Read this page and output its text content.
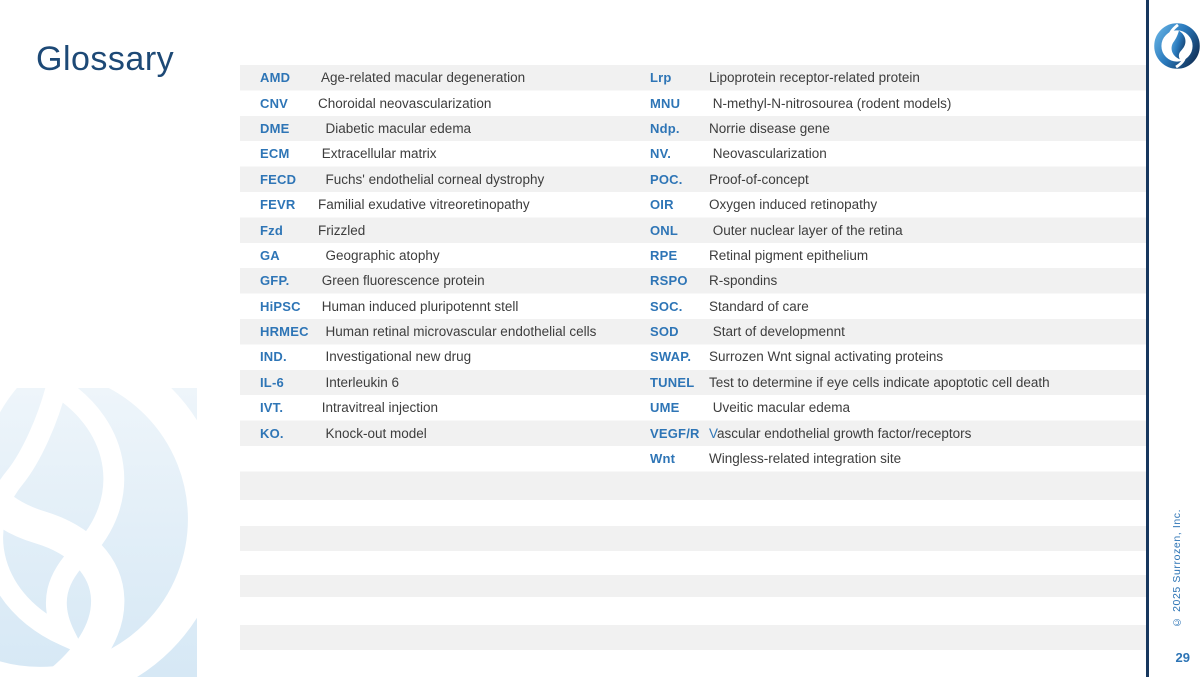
Glossary	AMD	Age-related macular degeneration
CNV	Choroidal neovascularization
DME	Diabetic macular edema
ECM	Extracellular matrix
FECD	Fuchs' endothelial corneal dystrophy
FEVR	Familial exudative vitreoretinopathy
Fzd	Frizzled
GA	Geographic atophy
GFP.	Green fluorescence protein
HiPSC	Human induced pluripotennt stell
HRMEC Human retinal microvascular endothelial cells
IND.	Investigational new drug
IL-6	Interleukin 6
IVT.	Intravitreal injection
KO.	Knock-out model
Lrp	Lipoprotein receptor-related protein
MNU	N-methyl-N-nitrosourea (rodent models)
Ndp.	Norrie disease gene
NV.	Neovascularization
POC.	Proof-of-concept
OIR	Oxygen induced retinopathy
ONL	Outer nuclear layer of the retina
RPE	Retinal pigment epithelium
RSPO	R-spondins
SOC.	Standard of care
SOD	Start of developmennt
SWAP.	Surrozen Wnt signal activating proteins
TUNEL	Test to determine if eye cells indicate apoptotic cell death
UME	Uveitic macular edema
VEGF/R Vascular endothelial growth factor/receptors
Wnt	Wingless-related integration site
© 2025 Surrozen, Inc.
29
